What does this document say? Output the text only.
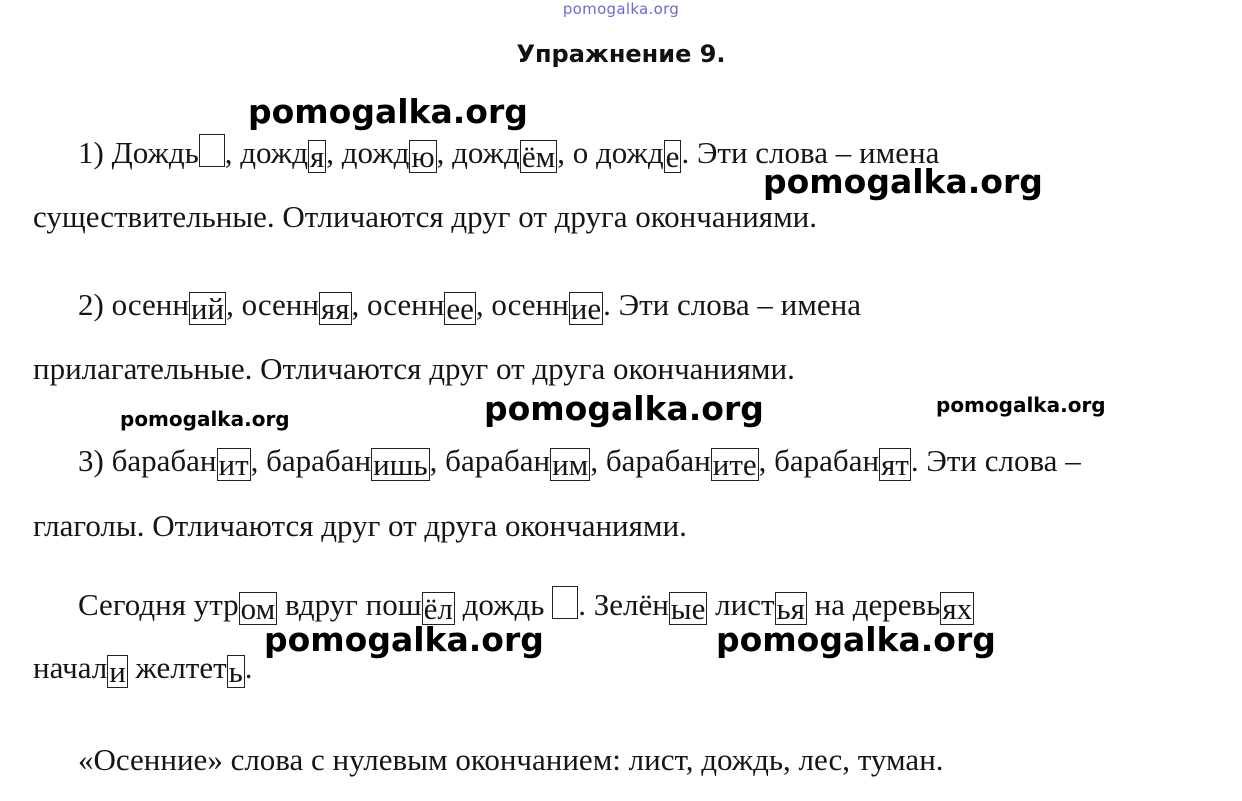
pomogalka.org
Упражнение 9.
1) Дождь , дождя, дождю, дождём, о дожде. Эти слова – имена
существительные. Отличаются друг от друга окончаниями.
2) осенний, осенняя, осеннее, осенние. Эти слова – имена
прилагательные. Отличаются друг от друга окончаниями.
3) барабанит, барабанишь, барабаним, барабаните, барабанят. Эти слова –
глаголы. Отличаются друг от друга окончаниями.
Сегодня утром вдруг пошёл дождь . Зелёные листья на деревьях
начали желтеть.
«Осенние» слова с нулевым окончанием: лист, дождь, лес, туман.
pomogalka.org
pomogalka.org
pomogalka.org	pomogalka.org	pomogalka.org
pomogalka.org	pomogalka.org
